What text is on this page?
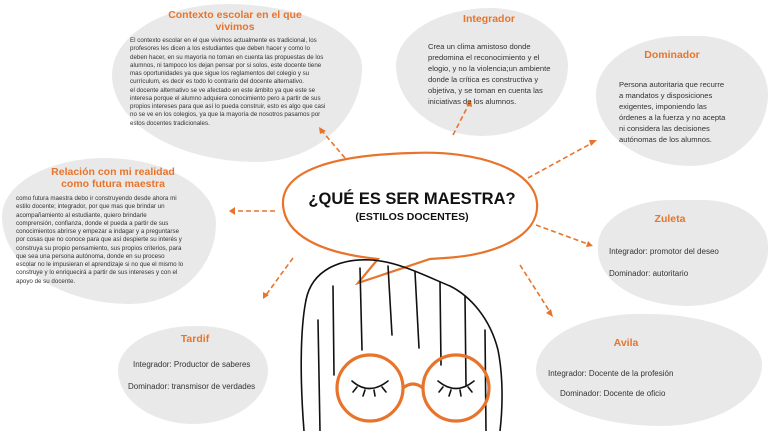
¿QUÉ ES SER MAESTRA?
(ESTILOS DOCENTES)
Contexto escolar en el que
vivimos
El contexto escolar en el que vivimos actualmente es tradicional, los
profesores les dicen a los estudiantes que deben hacer y como lo
deben hacer, en su mayoría no toman en cuenta las propuestas de los
alumnos, ni tampoco los dejan pensar por si solos, este docente tiene
mas oportunidades ya que sigue los reglamentos del colegio y su
currículum, es decir es todo lo contrario del docente alternativo.
el docente alternativo se ve afectado en este ámbito ya que este se
interesa porque el alumno adquiera conocimiento pero a partir de sus
propios intereses para que así lo pueda construir, esto es algo que casi
no se ve en los colegios, ya que la mayoría de nosotros pasamos por
estos docentes tradicionales.
Integrador
Crea un clima amistoso donde
predomina el reconocimiento y el
elogio, y no la violencia;un ambiente
donde la crítica es constructiva y
objetiva, y se toman en cuenta las
iniciativas de los alumnos.
Dominador
Persona autoritaria que recurre
a mandatos y disposiciones
exigentes, imponiendo las
órdenes a la fuerza y no acepta
ni considera las decisiones
autónomas de los alumnos.
Relación con mi realidad
como futura maestra
como futura maestra debo ir construyendo desde ahora mi
estilo docente; integrador, por que mas que brindar un
acompañamiento al estudiante, quiero brindarle
comprensión, confianza, donde el pueda a partir de sus
conocimientos abrirse y empezar a indagar y a preguntarse
por cosas que no conoce para que así despierte su interés y
construya su propio pensamiento, sus propios criterios, para
que sea una persona autónoma, donde en su proceso
escolar no le impusieran el aprendizaje si no que el mismo lo
construye y lo enriquecirá a partir de sus intereses y con el
apoyo de su docente.
Zuleta
Integrador: promotor del deseo
Dominador: autoritario
Tardif
Integrador: Productor de saberes
Dominador: transmisor de verdades
Avila
Integrador: Docente de la profesión
Dominador: Docente de oficio
